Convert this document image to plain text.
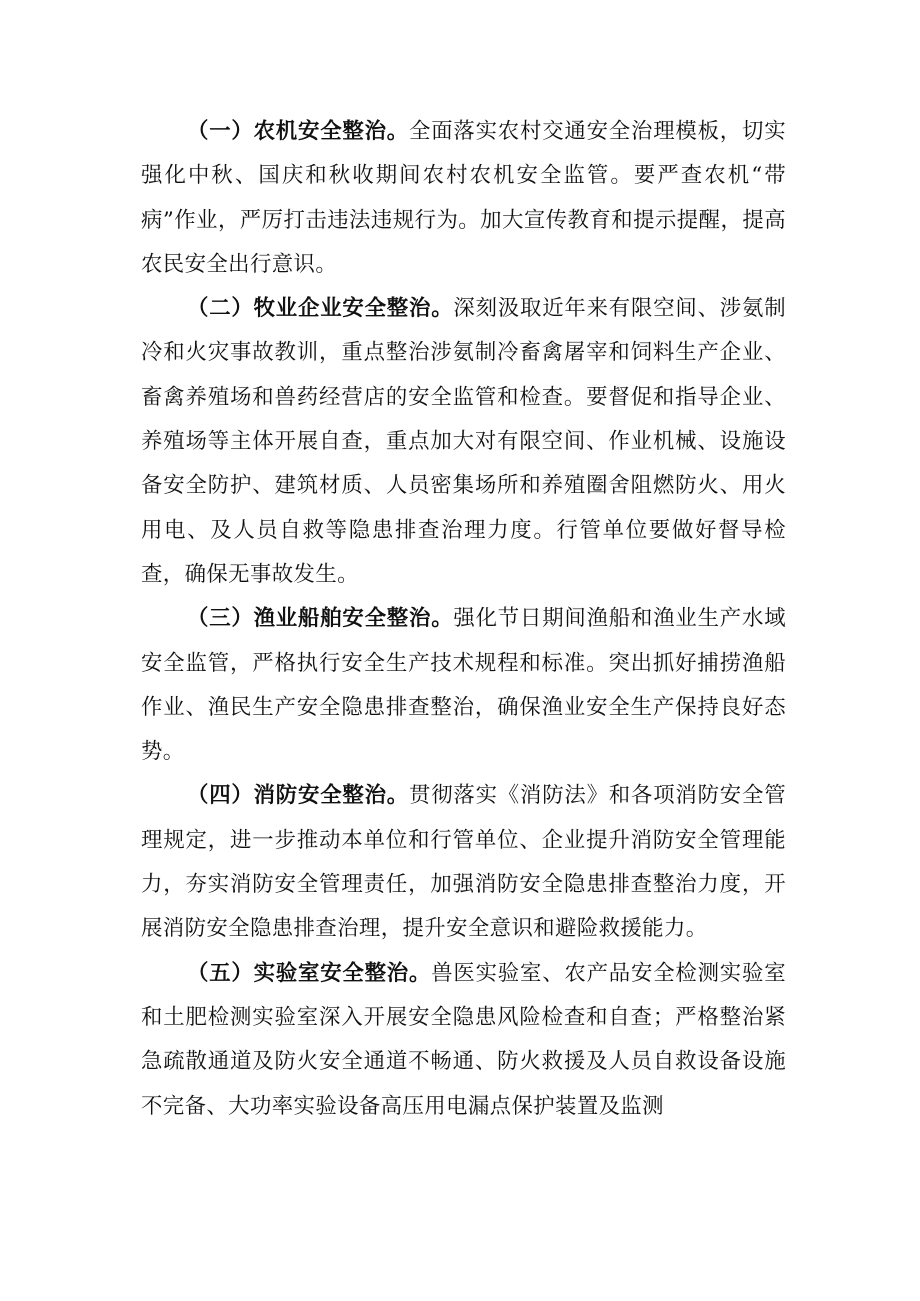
（一）农机安全整治。全面落实农村交通安全治理模板，切实强化中秋、国庆和秋收期间农村农机安全监管。要严查农机“带病”作业，严厉打击违法违规行为。加大宣传教育和提示提醒，提高农民安全出行意识。

（二）牧业企业安全整治。深刻汲取近年来有限空间、涉氨制冷和火灾事故教训，重点整治涉氨制冷畜禽屠宰和饲料生产企业、畜禽养殖场和兽药经营店的安全监管和检查。要督促和指导企业、养殖场等主体开展自查，重点加大对有限空间、作业机械、设施设备安全防护、建筑材质、人员密集场所和养殖圈舍阻燃防火、用火用电、及人员自救等隐患排查治理力度。行管单位要做好督导检查，确保无事故发生。

（三）渔业船舶安全整治。强化节日期间渔船和渔业生产水域安全监管，严格执行安全生产技术规程和标准。突出抓好捕捞渔船作业、渔民生产安全隐患排查整治，确保渔业安全生产保持良好态势。

（四）消防安全整治。贯彻落实《消防法》和各项消防安全管理规定，进一步推动本单位和行管单位、企业提升消防安全管理能力，夯实消防安全管理责任，加强消防安全隐患排查整治力度，开展消防安全隐患排查治理，提升安全意识和避险救援能力。

（五）实验室安全整治。兽医实验室、农产品安全检测实验室和土肥检测实验室深入开展安全隐患风险检查和自查；严格整治紧急疏散通道及防火安全通道不畅通、防火救援及人员自救设备设施不完备、大功率实验设备高压用电漏点保护装置及监测
